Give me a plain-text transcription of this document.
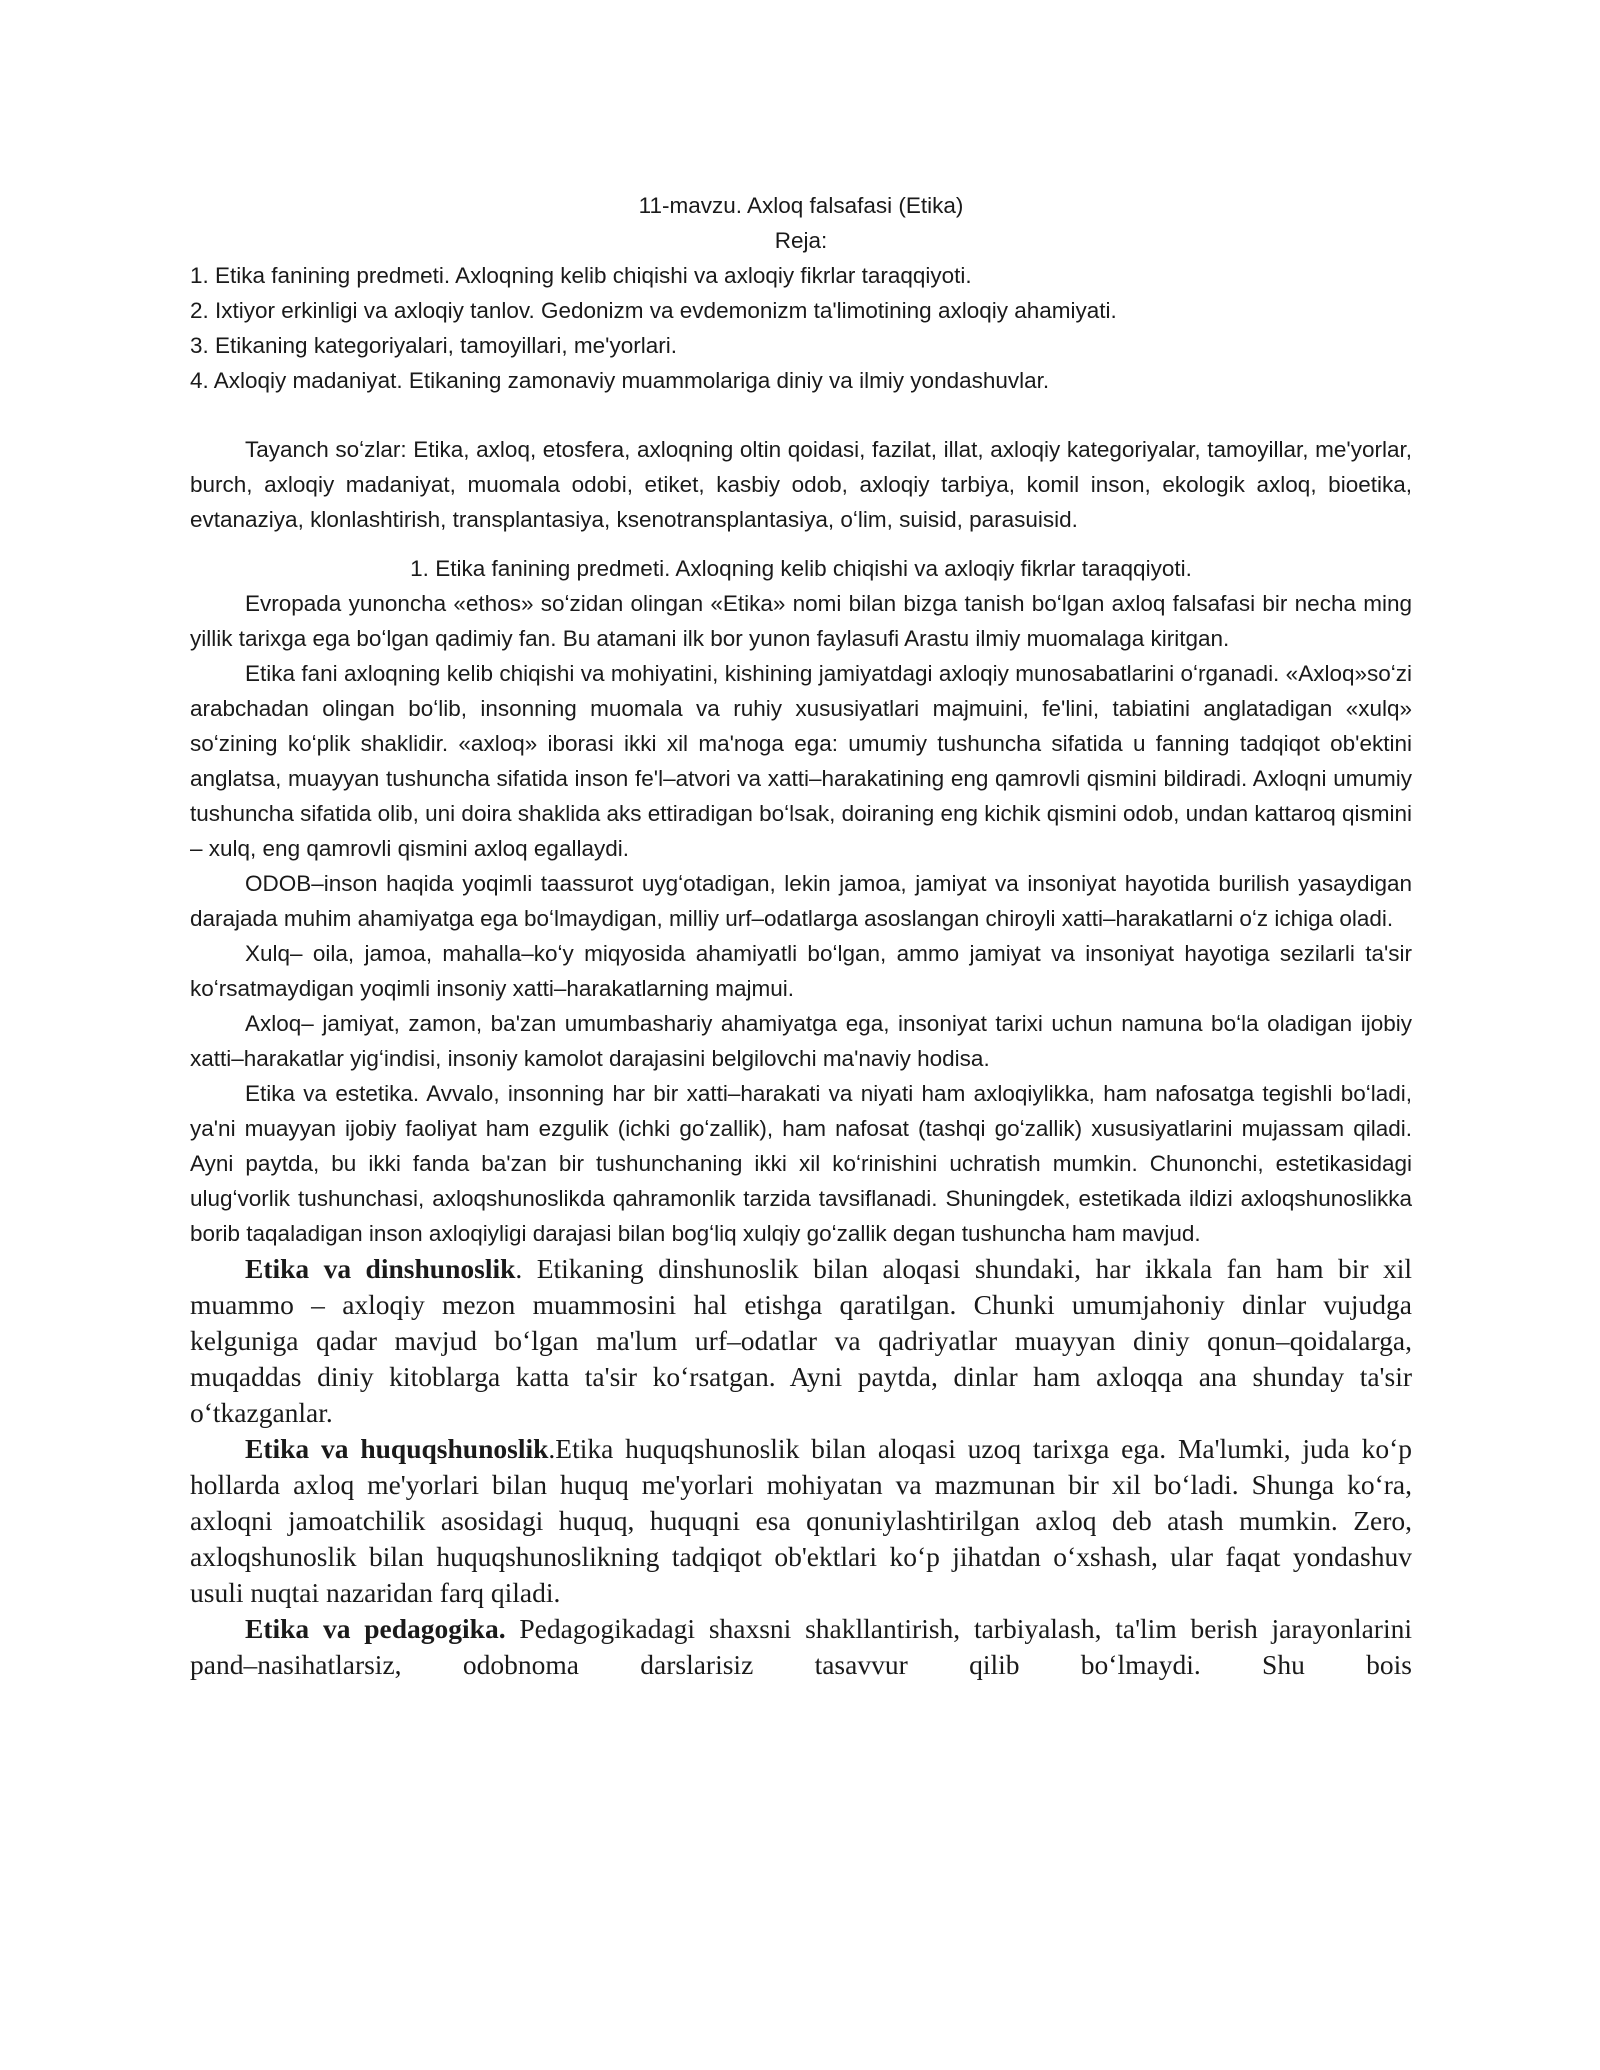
11-mavzu. Axloq falsafasi (Etika)

Reja:

1. Etika fanining predmeti. Axloqning kelib chiqishi va axloqiy fikrlar taraqqiyoti.

2. Ixtiyor erkinligi va axloqiy tanlov. Gedonizm va evdemonizm ta'limotining axloqiy ahamiyati.

3. Etikaning kategoriyalari, tamoyillari, me'yorlari.

4. Axloqiy madaniyat. Etikaning zamonaviy muammolariga diniy va ilmiy yondashuvlar.

Tayanch soʻzlar: Etika, axloq, etosfera, axloqning oltin qoidasi, fazilat, illat, axloqiy kategoriyalar, tamoyillar, me'yorlar, burch, axloqiy madaniyat, muomala odobi, etiket, kasbiy odob, axloqiy tarbiya, komil inson, ekologik axloq, bioetika, evtanaziya, klonlashtirish, transplantasiya, ksenotransplantasiya, oʻlim, suisid, parasuisid.

1. Etika fanining predmeti. Axloqning kelib chiqishi va axloqiy fikrlar taraqqiyoti.

Evropada yunoncha «ethos» soʻzidan olingan «Etika» nomi bilan bizga tanish boʻlgan axloq falsafasi bir necha ming yillik tarixga ega boʻlgan qadimiy fan. Bu atamani ilk bor yunon faylasufi Arastu ilmiy muomalaga kiritgan.

Etika fani axloqning kelib chiqishi va mohiyatini, kishining jamiyatdagi axloqiy munosabatlarini oʻrganadi. «Axloq»soʻzi arabchadan olingan boʻlib, insonning muomala va ruhiy xususiyatlari majmuini, fe'lini, tabiatini anglatadigan «xulq» soʻzining koʻplik shaklidir. «axloq» iborasi ikki xil ma'noga ega: umumiy tushuncha sifatida u fanning tadqiqot ob'ektini anglatsa, muayyan tushuncha sifatida inson fe'l–atvori va xatti–harakatining eng qamrovli qismini bildiradi. Axloqni umumiy tushuncha sifatida olib, uni doira shaklida aks ettiradigan boʻlsak, doiraning eng kichik qismini odob, undan kattaroq qismini – xulq, eng qamrovli qismini axloq egallaydi.

ODOB–inson haqida yoqimli taassurot uygʻotadigan, lekin jamoa, jamiyat va insoniyat hayotida burilish yasaydigan darajada muhim ahamiyatga ega boʻlmaydigan, milliy urf–odatlarga asoslangan chiroyli xatti–harakatlarni oʻz ichiga oladi.

Xulq– oila, jamoa, mahalla–koʻy miqyosida ahamiyatli boʻlgan, ammo jamiyat va insoniyat hayotiga sezilarli ta'sir koʻrsatmaydigan yoqimli insoniy xatti–harakatlarning majmui.

Axloq– jamiyat, zamon, ba'zan umumbashariy ahamiyatga ega, insoniyat tarixi uchun namuna boʻla oladigan ijobiy xatti–harakatlar yigʻindisi, insoniy kamolot darajasini belgilovchi ma'naviy hodisa.

Etika va estetika. Avvalo, insonning har bir xatti–harakati va niyati ham axloqiylikka, ham nafosatga tegishli boʻladi, ya'ni muayyan ijobiy faoliyat ham ezgulik (ichki goʻzallik), ham nafosat (tashqi goʻzallik) xususiyatlarini mujassam qiladi. Ayni paytda, bu ikki fanda ba'zan bir tushunchaning ikki xil koʻrinishini uchratish mumkin. Chunonchi, estetikasidagi ulugʻvorlik tushunchasi, axloqshunoslikda qahramonlik tarzida tavsiflanadi. Shuningdek, estetikada ildizi axloqshunoslikka borib taqaladigan inson axloqiyligi darajasi bilan bogʻliq xulqiy goʻzallik degan tushuncha ham mavjud.

Etika va dinshunoslik. Etikaning dinshunoslik bilan aloqasi shundaki, har ikkala fan ham bir xil muammo – axloqiy mezon muammosini hal etishga qaratilgan. Chunki umumjahoniy dinlar vujudga kelguniga qadar mavjud boʻlgan ma'lum urf–odatlar va qadriyatlar muayyan diniy qonun–qoidalarga, muqaddas diniy kitoblarga katta ta'sir koʻrsatgan. Ayni paytda, dinlar ham axloqqa ana shunday ta'sir oʻtkazganlar.

Etika va huquqshunoslik.Etika huquqshunoslik bilan aloqasi uzoq tarixga ega. Ma'lumki, juda koʻp hollarda axloq me'yorlari bilan huquq me'yorlari mohiyatan va mazmunan bir xil boʻladi. Shunga koʻra, axloqni jamoatchilik asosidagi huquq, huquqni esa qonuniylashtirilgan axloq deb atash mumkin. Zero, axloqshunoslik bilan huquqshunoslikning tadqiqot ob'ektlari koʻp jihatdan oʻxshash, ular faqat yondashuv usuli nuqtai nazaridan farq qiladi.

Etika va pedagogika. Pedagogikadagi shaxsni shakllantirish, tarbiyalash, ta'lim berish jarayonlarini pand–nasihatlarsiz, odobnoma darslarisiz tasavvur qilib boʻlmaydi. Shu bois
